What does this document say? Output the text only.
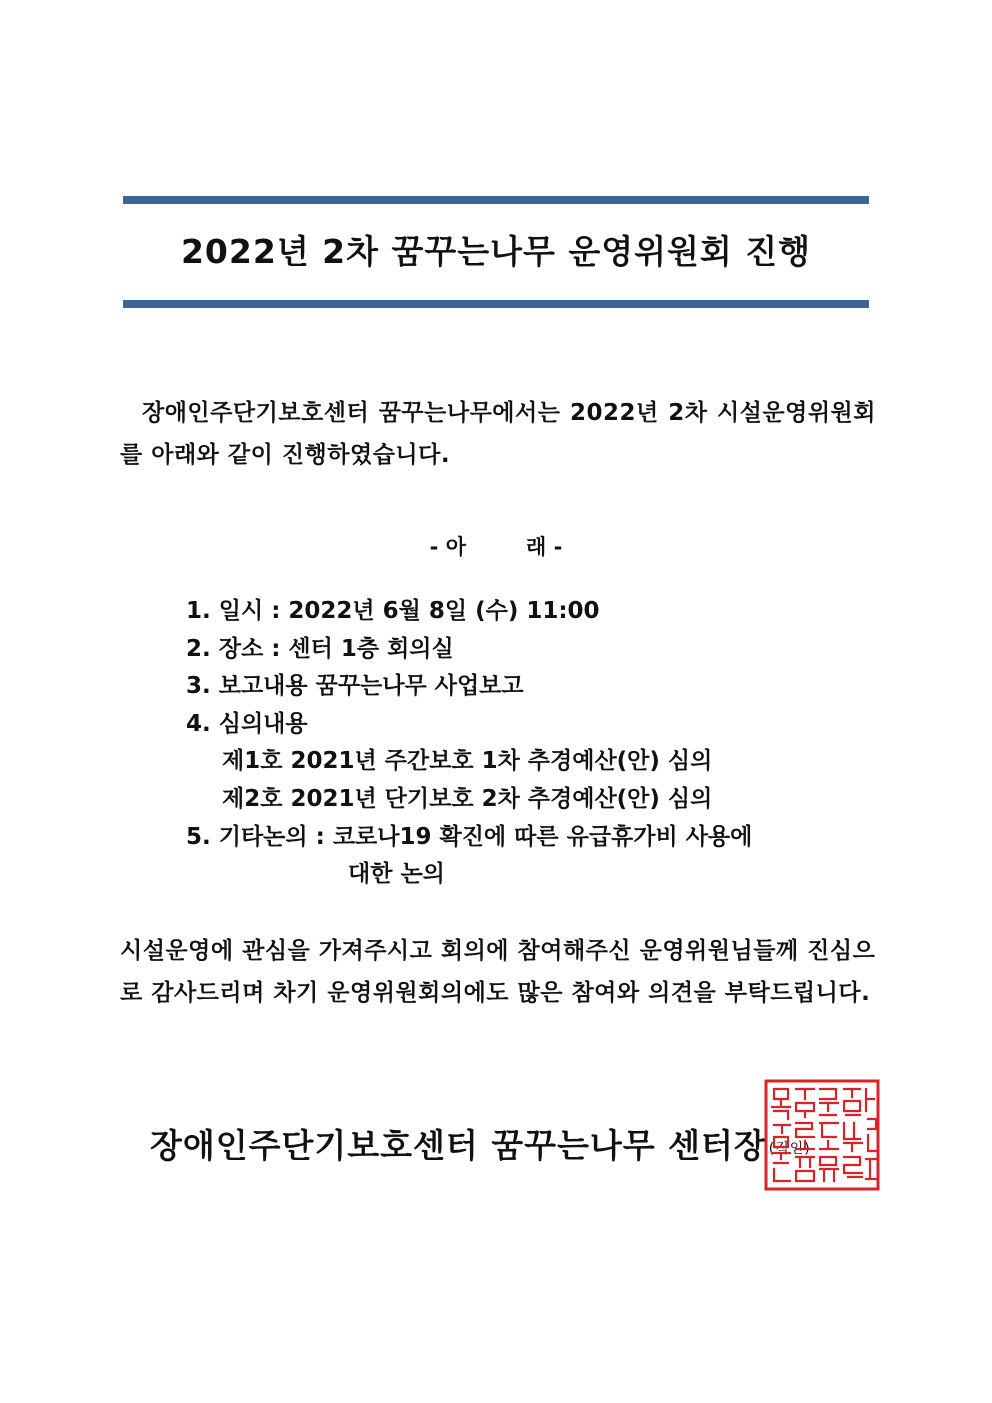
2022년 2차 꿈꾸는나무 운영위원회 진행
장애인주단기보호센터 꿈꾸는나무에서는 2022년 2차 시설운영위원회를 아래와 같이 진행하였습니다.
- 아	래 -
1. 일시 : 2022년 6월 8일 (수) 11:00
2. 장소 : 센터 1층 회의실
3. 보고내용 꿈꾸는나무 사업보고
4. 심의내용
제1호 2021년 주간보호 1차 추경예산(안) 심의
제2호 2021년 단기보호 2차 추경예산(안) 심의
5. 기타논의 : 코로나19 확진에 따른 유급휴가비 사용에
대한 논의
시설운영에 관심을 가져주시고 회의에 참여해주신 운영위원님들께 진심으로 감사드리며 차기 운영위원회의에도 많은 참여와 의견을 부탁드립니다.
장애인주단기보호센터 꿈꾸는나무 센터장 (직인)
